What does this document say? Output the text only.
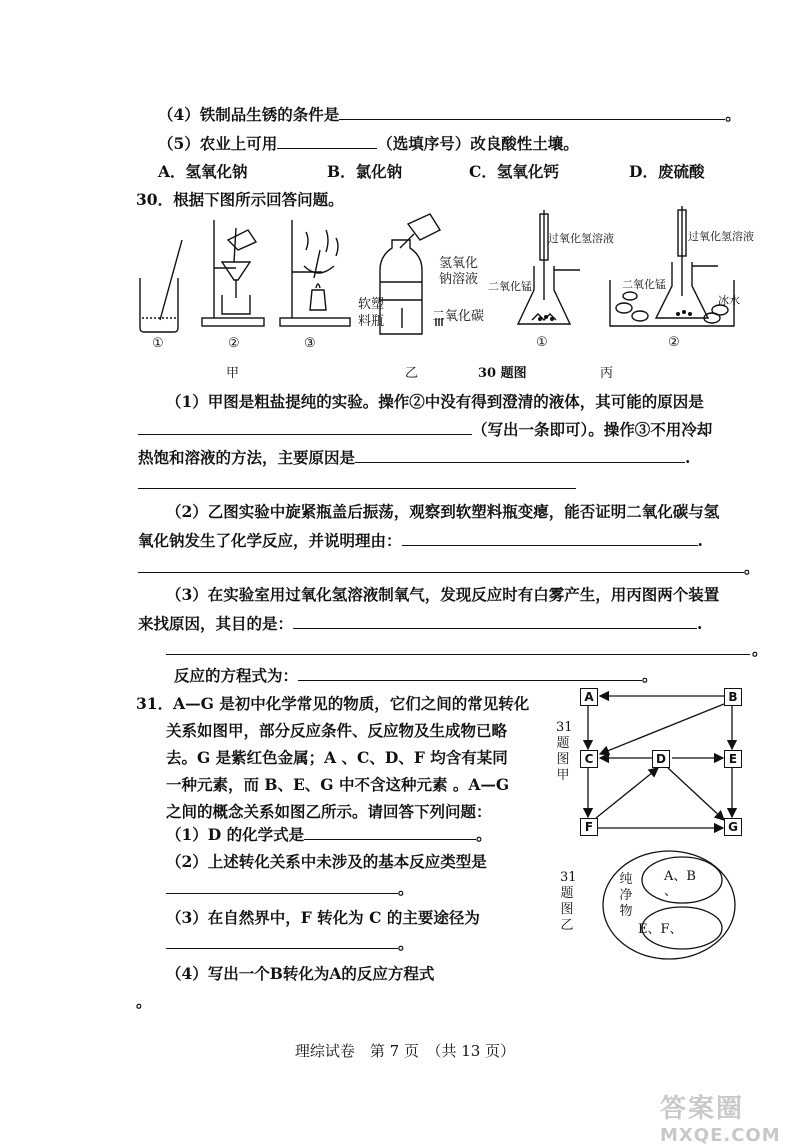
（4）铁制品生锈的条件是	。
（5）农业上可用	（选填序号）改良酸性土壤。
A．氢氧化钠	B．氯化钠	C．氢氧化钙	D．废硫酸
30．根据下图所示回答问题。
①	②	③
甲	乙	30 题图	丙
①	②
氢氧化
钠溶液
软塑
料瓶	二氧化碳
过氧化氢溶液	过氧化氢溶液
二氧化锰	二氧化锰
冰水
（1）甲图是粗盐提纯的实验。操作②中没有得到澄清的液体，其可能的原因是
（写出一条即可）。操作③不用冷却
热饱和溶液的方法，主要原因是	.
（2）乙图实验中旋紧瓶盖后振荡，观察到软塑料瓶变瘪，能否证明二氧化碳与氢
氧化钠发生了化学反应，并说明理由：	.
。
（3）在实验室用过氧化氢溶液制氧气，发现反应时有白雾产生，用丙图两个装置
来找原因，其目的是：	.
。
反应的方程式为：	。
31．A—G 是初中化学常见的物质，它们之间的常见转化
关系如图甲，部分反应条件、反应物及生成物已略
去。G 是紫红色金属；A 、C、D、F 均含有某同
一种元素，而 B、E、G 中不含这种元素 。A—G
之间的概念关系如图乙所示。请回答下列问题：
（1）D 的化学式是	。
（2）上述转化关系中未涉及的基本反应类型是
。
（3）在自然界中，F 转化为 C 的主要途径为
。
（4）写出一个B转化为A的反应方程式
。
A	B
C	D	E
F	G
31
题
图
甲
纯
净
物
A、B
、
E、F、
31
题
图
乙
理综试卷　第 7 页　（共 13 页）
答案圈
MXQE.COM
